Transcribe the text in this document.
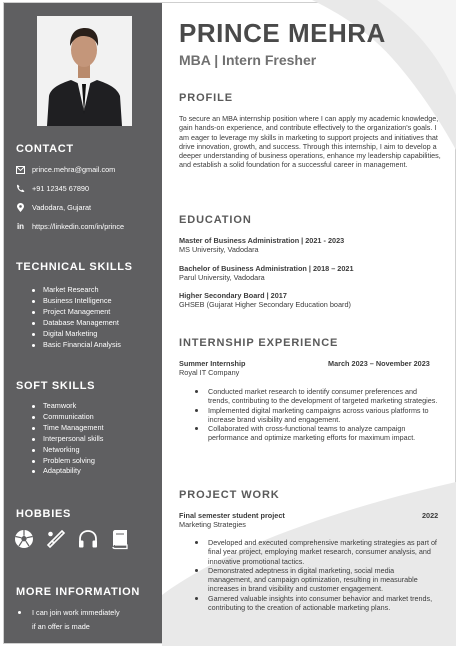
CONTACT
prince.mehra@gmail.com
+91 12345 67890
Vadodara, Gujarat
in https://linkedin.com/in/prince
TECHNICAL SKILLS
Market Research
Business Intelligence
Project Management
Database Management
Digital Marketing
Basic Financial Analysis
SOFT SKILLS
Teamwork
Communication
Time Management
Interpersonal skills
Networking
Problem solving
Adaptability
HOBBIES
MORE INFORMATION
I can join work immediately
if an offer is made
PRINCE MEHRA
MBA | Intern Fresher
PROFILE
To secure an MBA internship position where I can apply my academic knowledge, gain hands-on experience, and contribute effectively to the organization's goals. I am eager to leverage my skills in marketing to support projects and initiatives that drive innovation, growth, and success. Through this internship, I aim to develop a deeper understanding of business operations, enhance my leadership capabilities, and establish a solid foundation for a successful career in management.
EDUCATION
Master of Business Administration | 2021 - 2023
MS University, Vadodara
Bachelor of Business Administration | 2018 – 2021
Parul University, Vadodara
Higher Secondary Board | 2017
GHSEB (Gujarat Higher Secondary Education board)
INTERNSHIP EXPERIENCE
Summer Internship	March 2023 – November 2023
Royal IT Company
Conducted market research to identify consumer preferences and trends, contributing to the development of targeted marketing strategies.
Implemented digital marketing campaigns across various platforms to increase brand visibility and engagement.
Collaborated with cross-functional teams to analyze campaign performance and optimize marketing efforts for maximum impact.
PROJECT WORK
Final semester student project	2022
Marketing Strategies
Developed and executed comprehensive marketing strategies as part of final year project, employing market research, consumer analysis, and innovative promotional tactics.
Demonstrated adeptness in digital marketing, social media management, and campaign optimization, resulting in measurable increases in brand visibility and customer engagement.
Garnered valuable insights into consumer behavior and market trends, contributing to the creation of actionable marketing plans.
